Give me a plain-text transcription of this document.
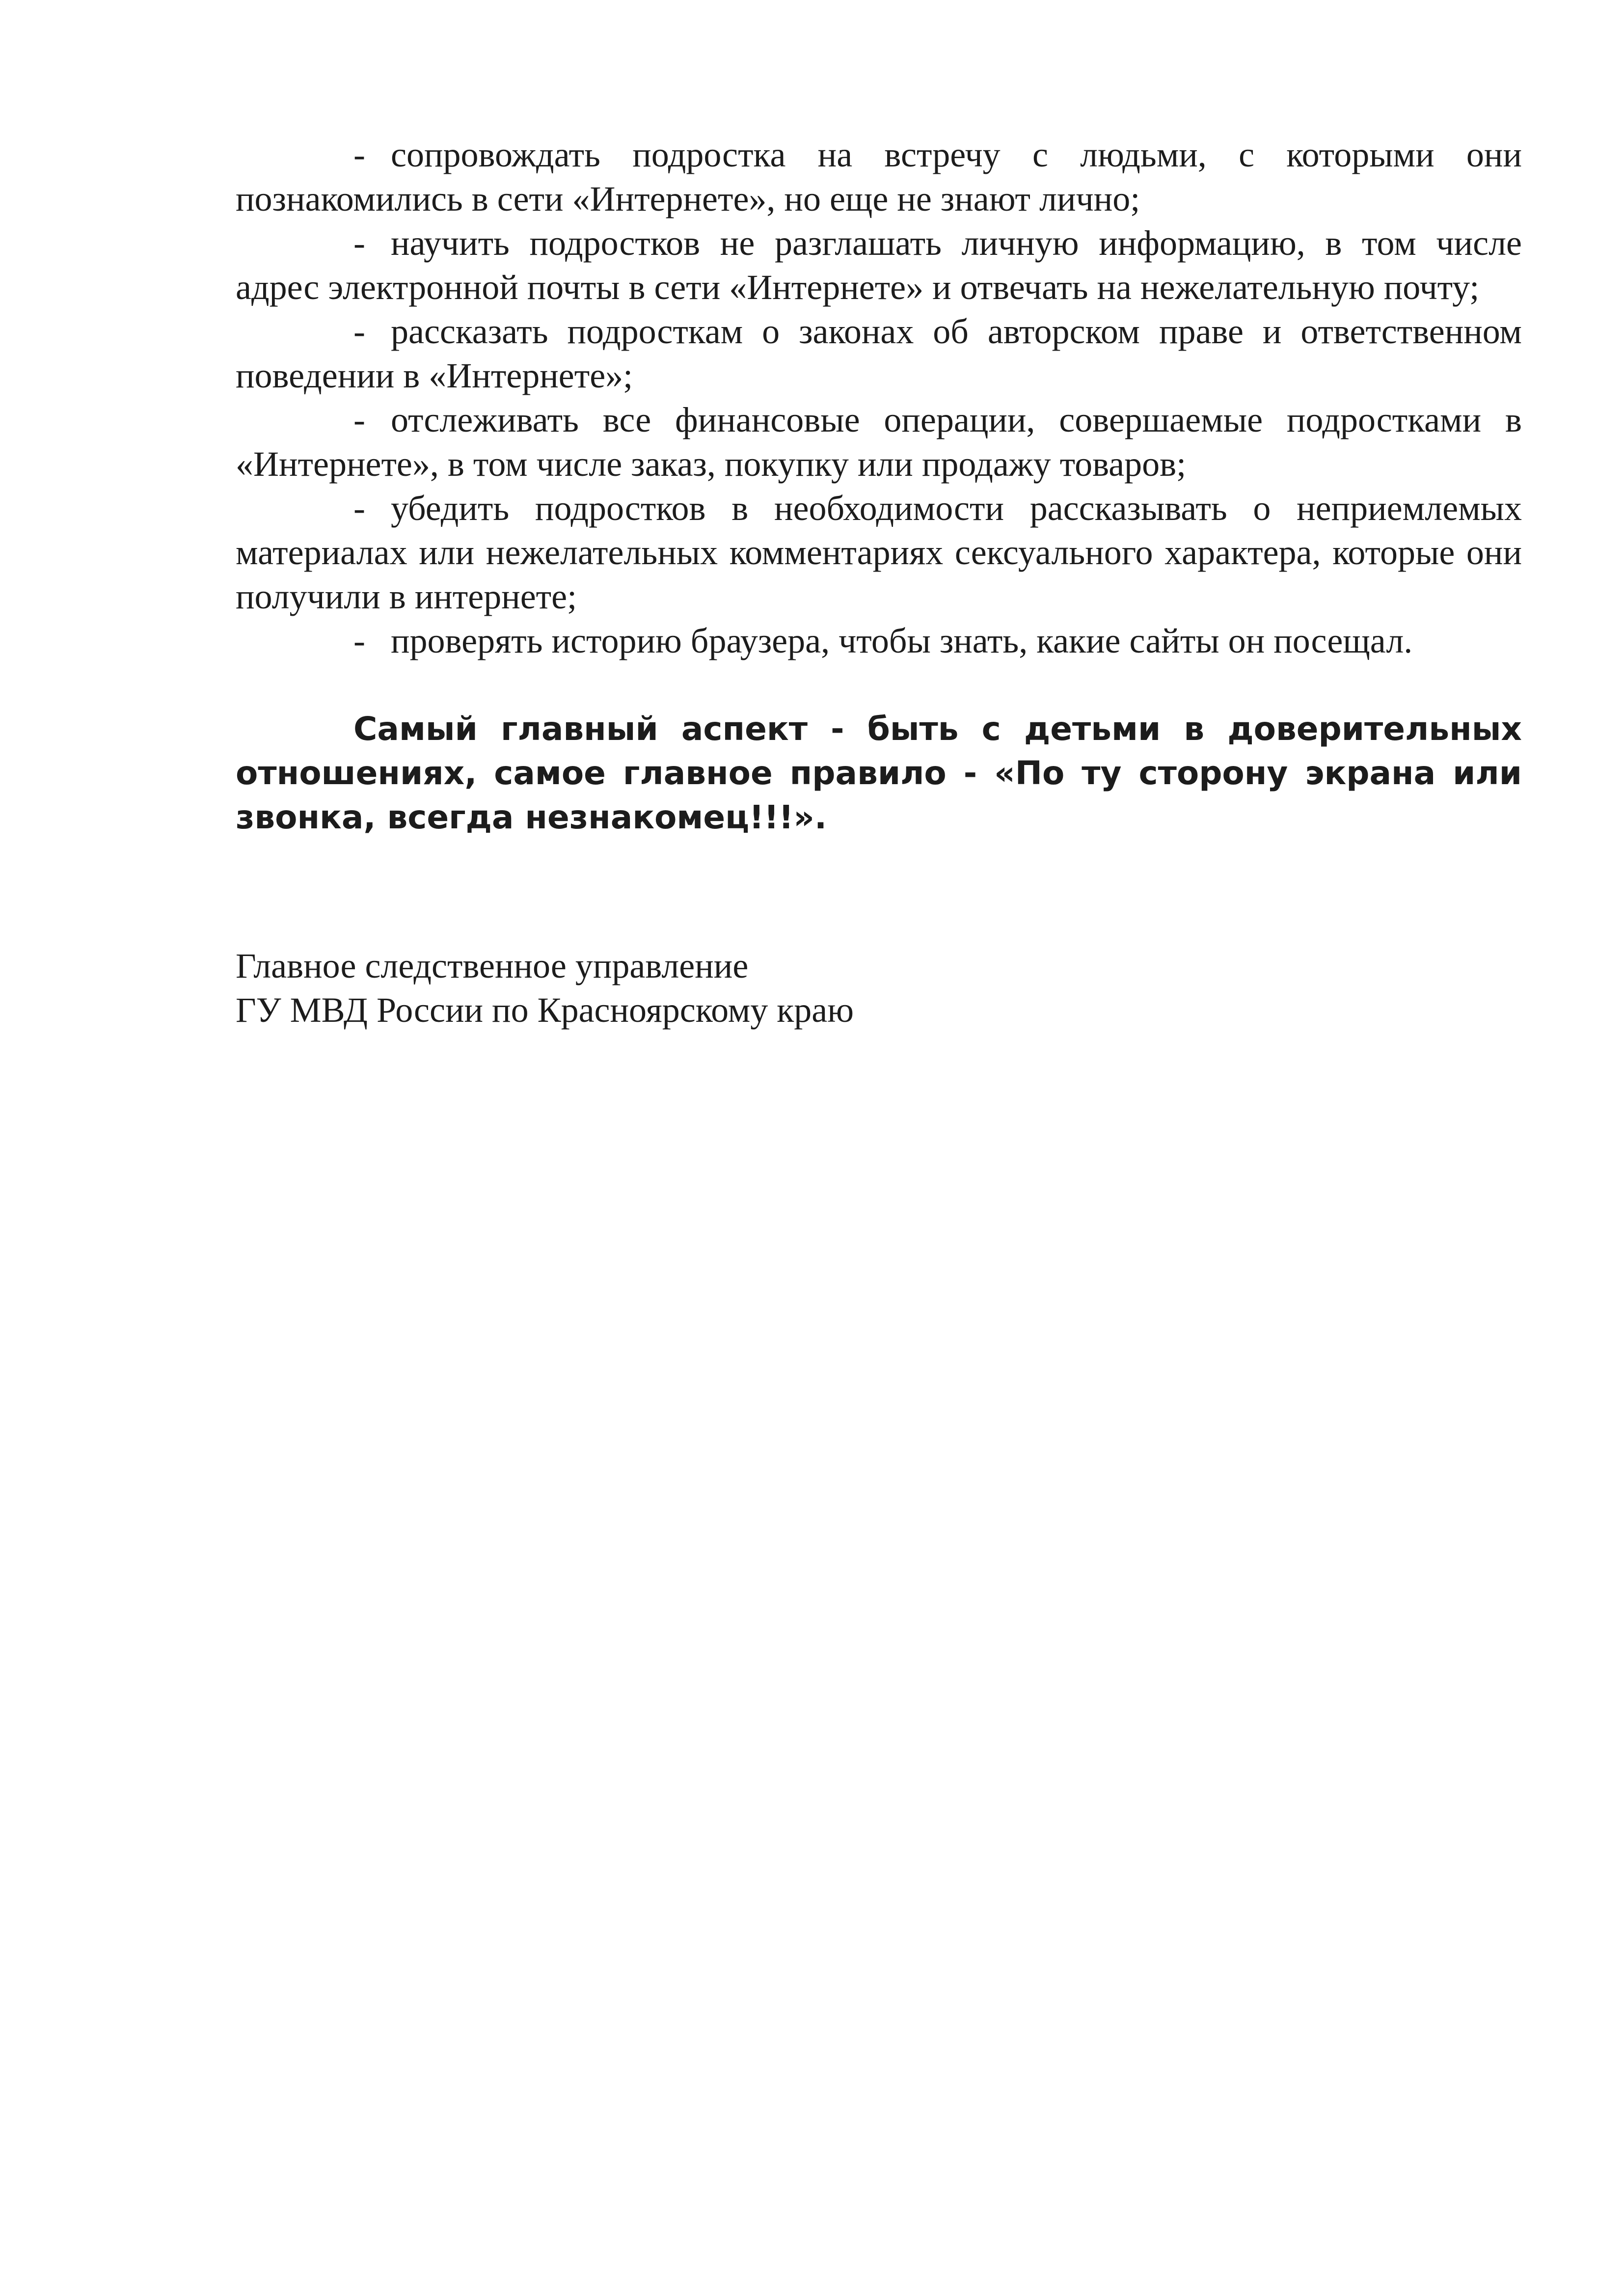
- сопровождать подростка на встречу с людьми, с которыми они познакомились в сети «Интернете», но еще не знают лично;

- научить подростков не разглашать личную информацию, в том числе адрес электронной почты в сети «Интернете» и отвечать на нежелательную почту;

- рассказать подросткам о законах об авторском праве и ответственном поведении в «Интернете»;

- отслеживать все финансовые операции, совершаемые подростками в «Интернете», в том числе заказ, покупку или продажу товаров;

- убедить подростков в необходимости рассказывать о неприемлемых материалах или нежелательных комментариях сексуального характера, которые они получили в интернете;

- проверять историю браузера, чтобы знать, какие сайты он посещал.

Самый главный аспект - быть с детьми в доверительных отношениях, самое главное правило - «По ту сторону экрана или звонка, всегда незнакомец!!!».

Главное следственное управление
ГУ МВД России по Красноярскому краю
